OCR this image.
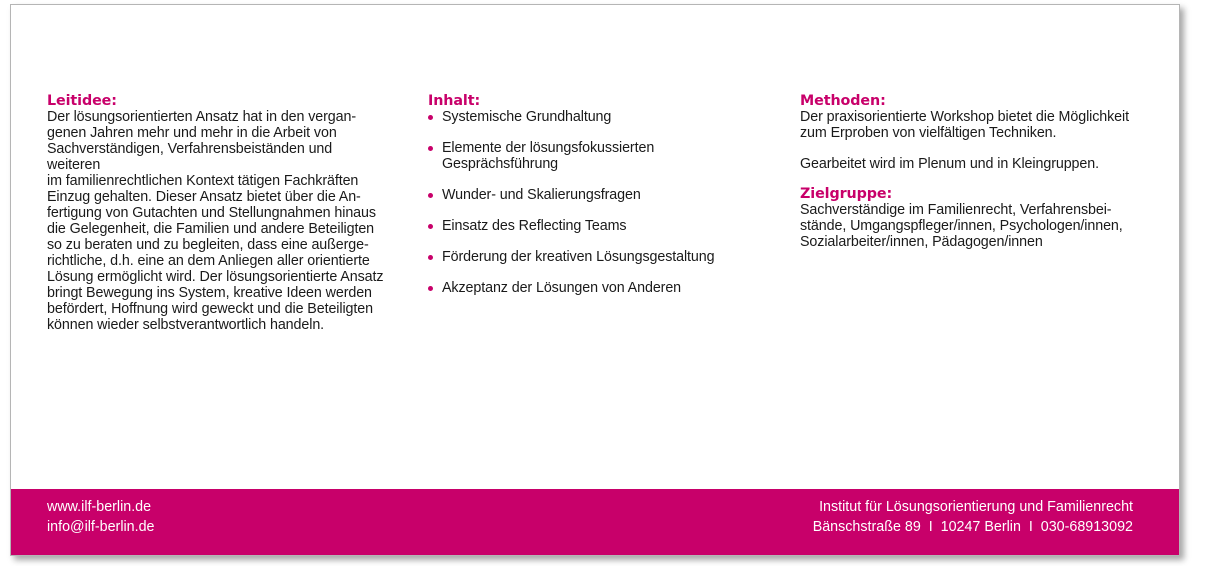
Leitidee:
Der lösungsorientierten Ansatz hat in den vergan-
genen Jahren mehr und mehr in die Arbeit von
Sachverständigen, Verfahrensbeiständen und weiteren
im familienrechtlichen Kontext tätigen Fachkräften
Einzug gehalten. Dieser Ansatz bietet über die An-
fertigung von Gutachten und Stellungnahmen hinaus
die Gelegenheit, die Familien und andere Beteiligten
so zu beraten und zu begleiten, dass eine außerge-
richtliche, d.h. eine an dem Anliegen aller orientierte
Lösung ermöglicht wird. Der lösungsorientierte Ansatz
bringt Bewegung ins System, kreative Ideen werden
befördert, Hoffnung wird geweckt und die Beteiligten
können wieder selbstverantwortlich handeln.
Inhalt:
Systemische Grundhaltung
Elemente der lösungsfokussierten
Gesprächsführung
Wunder- und Skalierungsfragen
Einsatz des Reflecting Teams
Förderung der kreativen Lösungsgestaltung
Akzeptanz der Lösungen von Anderen
Methoden:

Der praxisorientierte Workshop bietet die Möglichkeit
zum Erproben von vielfältigen Techniken.

Gearbeitet wird im Plenum und in Kleingruppen.

Zielgruppe:

Sachverständige im Familienrecht, Verfahrensbei-
stände, Umgangspfleger/innen, Psychologen/innen,
Sozialarbeiter/innen, Pädagogen/innen

www.ilf-berlin.de
info@ilf-berlin.de
Institut für Lösungsorientierung und Familienrecht
Bänschstraße 89  I  10247 Berlin  I  030-68913092
